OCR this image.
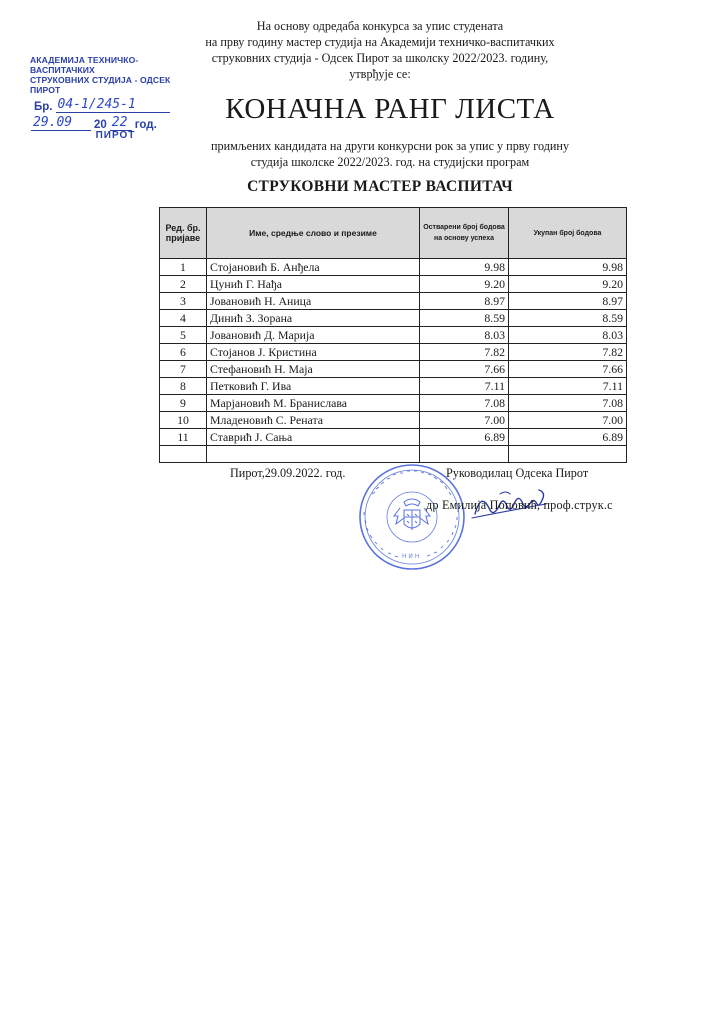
На основу одредаба конкурса за упис студената
на прву годину мастер студија на Академији техничко-васпитачких
струковних студија - Одсек Пирот за школску 2022/2023. годину,
утврђује се:
АКАДЕМИЈА ТЕХНИЧКО-ВАСПИТАЧКИХ
СТРУКОВНИХ СТУДИЈА - ОДСЕК ПИРОТ
Бр. 04-1/245-1
29.09	20 22 год.
ПИРОТ
КОНАЧНА РАНГ ЛИСТА
примљених кандидата на други конкурсни рок за упис у прву годину
студија школске 2022/2023. год. на студијски програм
СТРУКОВНИ МАСТЕР ВАСПИТАЧ
Ред. бр. пријаве	Име, средње слово и презиме	Остварени број бодова на основу успеха	Укупан број бодова
1	Стојановић Б. Анђела	9.98	9.98
2	Цунић Г. Нађа	9.20	9.20
3	Јовановић Н. Аница	8.97	8.97
4	Динић З. Зорана	8.59	8.59
5	Јовановић Д. Марија	8.03	8.03
6	Стојанов Ј. Кристина	7.82	7.82
7	Стефановић Н. Маја	7.66	7.66
8	Петковић Г. Ива	7.11	7.11
9	Марјановић М. Бранислава	7.08	7.08
10	Младеновић С. Рената	7.00	7.00
11	Ставрић Ј. Сања	6.89	6.89

Пирот,29.09.2022. год.	Руководилац Одсека Пирот
Н И Н
др Емилија Поповић, проф.струк.с
